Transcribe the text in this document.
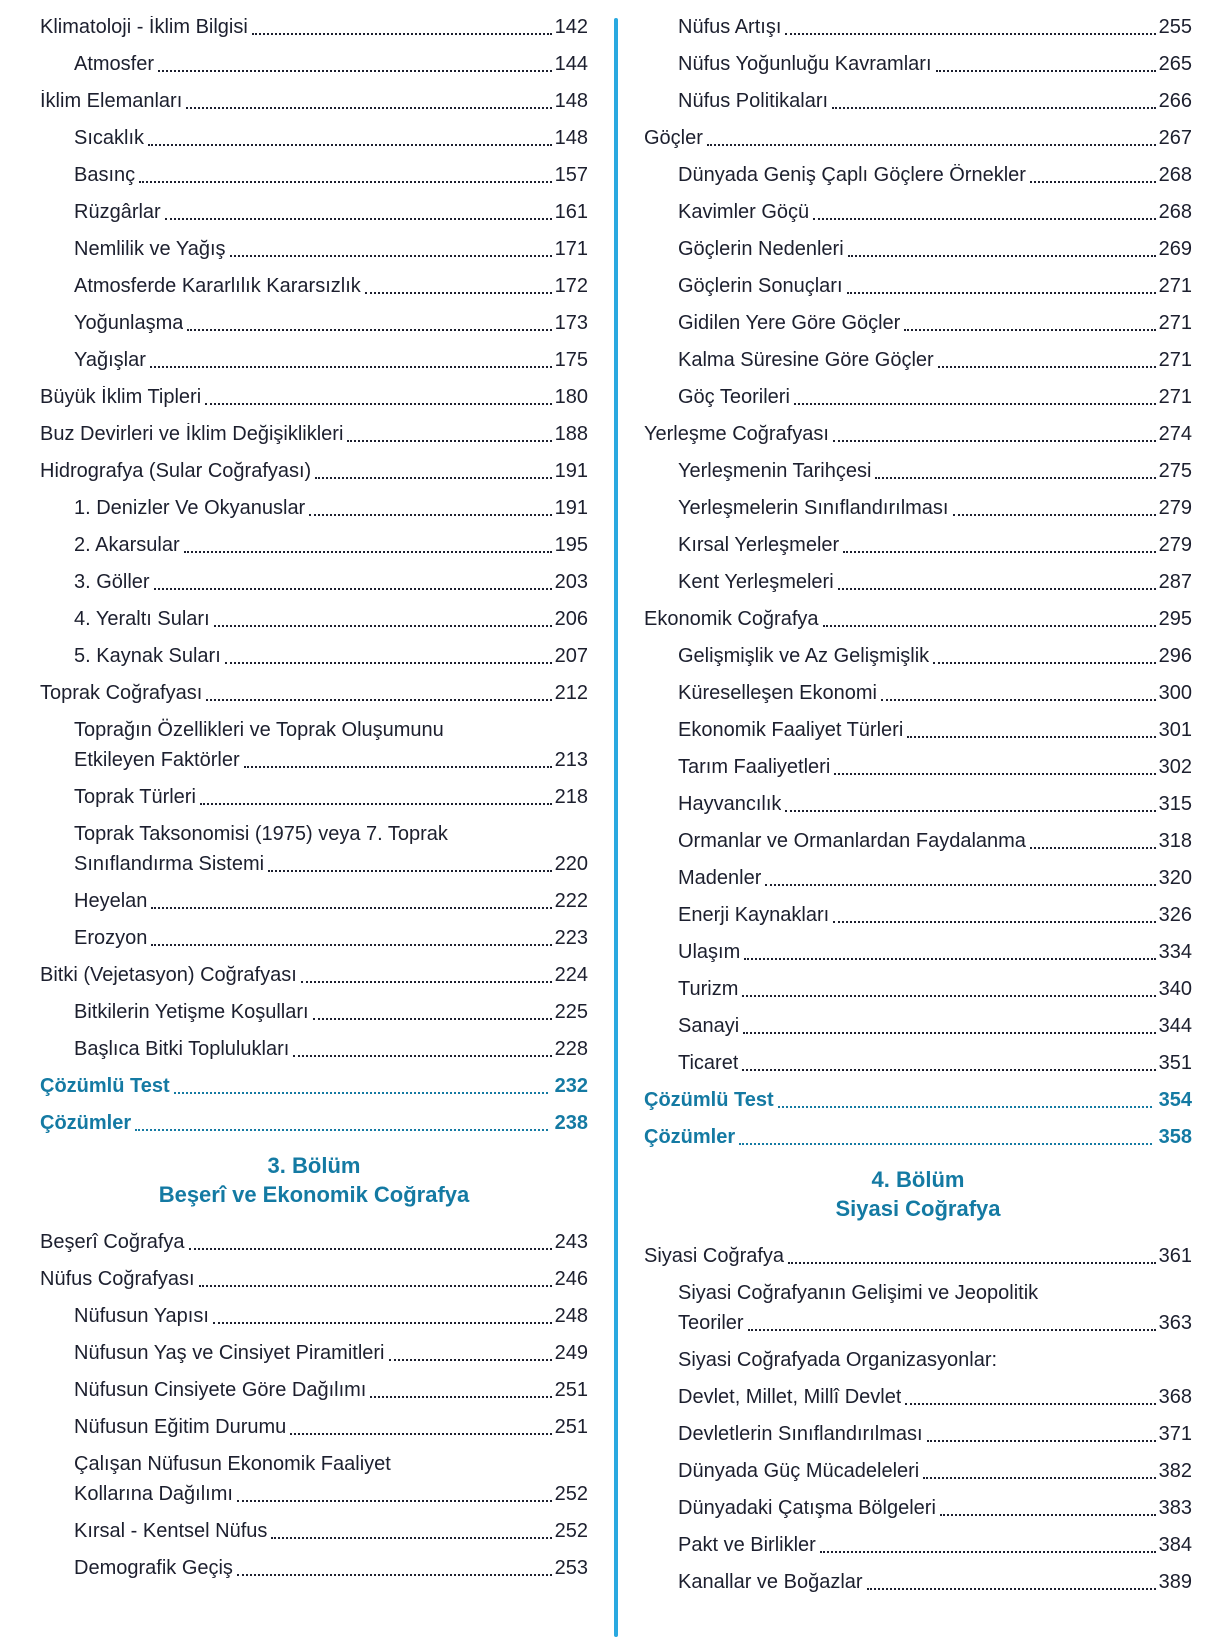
Klimatoloji - İklim Bilgisi	142
Atmosfer	144
İklim Elemanları	148
Sıcaklık	148
Basınç	157
Rüzgârlar	161
Nemlilik ve Yağış	171
Atmosferde Kararlılık Kararsızlık	172
Yoğunlaşma	173
Yağışlar	175
Büyük İklim Tipleri	180
Buz Devirleri ve İklim Değişiklikleri	188
Hidrografya (Sular Coğrafyası)	191
1. Denizler Ve Okyanuslar	191
2. Akarsular	195
3. Göller	203
4. Yeraltı Suları	206
5. Kaynak Suları	207
Toprak Coğrafyası	212
Toprağın Özellikleri ve Toprak Oluşumunu
Etkileyen Faktörler	213
Toprak Türleri	218
Toprak Taksonomisi (1975) veya 7. Toprak
Sınıflandırma Sistemi	220
Heyelan	222
Erozyon	223
Bitki (Vejetasyon) Coğrafyası	224
Bitkilerin Yetişme Koşulları	225
Başlıca Bitki Toplulukları	228
Çözümlü Test	232
Çözümler	238
3. Bölüm
Beşerî ve Ekonomik Coğrafya
Beşerî Coğrafya	243
Nüfus Coğrafyası	246
Nüfusun Yapısı	248
Nüfusun Yaş ve Cinsiyet Piramitleri	249
Nüfusun Cinsiyete Göre Dağılımı	251
Nüfusun Eğitim Durumu	251
Çalışan Nüfusun Ekonomik Faaliyet
Kollarına Dağılımı	252
Kırsal - Kentsel Nüfus	252
Demografik Geçiş	253
Nüfus Artışı	255
Nüfus Yoğunluğu Kavramları	265
Nüfus Politikaları	266
Göçler	267
Dünyada Geniş Çaplı Göçlere Örnekler	268
Kavimler Göçü	268
Göçlerin Nedenleri	269
Göçlerin Sonuçları	271
Gidilen Yere Göre Göçler	271
Kalma Süresine Göre Göçler	271
Göç Teorileri	271
Yerleşme Coğrafyası	274
Yerleşmenin Tarihçesi	275
Yerleşmelerin Sınıflandırılması	279
Kırsal Yerleşmeler	279
Kent Yerleşmeleri	287
Ekonomik Coğrafya	295
Gelişmişlik ve Az Gelişmişlik	296
Küreselleşen Ekonomi	300
Ekonomik Faaliyet Türleri	301
Tarım Faaliyetleri	302
Hayvancılık	315
Ormanlar ve Ormanlardan Faydalanma	318
Madenler	320
Enerji Kaynakları	326
Ulaşım	334
Turizm	340
Sanayi	344
Ticaret	351
Çözümlü Test	354
Çözümler	358
4. Bölüm
Siyasi Coğrafya
Siyasi Coğrafya	361
Siyasi Coğrafyanın Gelişimi ve Jeopolitik
Teoriler	363
Siyasi Coğrafyada Organizasyonlar:
Devlet, Millet, Millî Devlet	368
Devletlerin Sınıflandırılması	371
Dünyada Güç Mücadeleleri	382
Dünyadaki Çatışma Bölgeleri	383
Pakt ve Birlikler	384
Kanallar ve Boğazlar	389
